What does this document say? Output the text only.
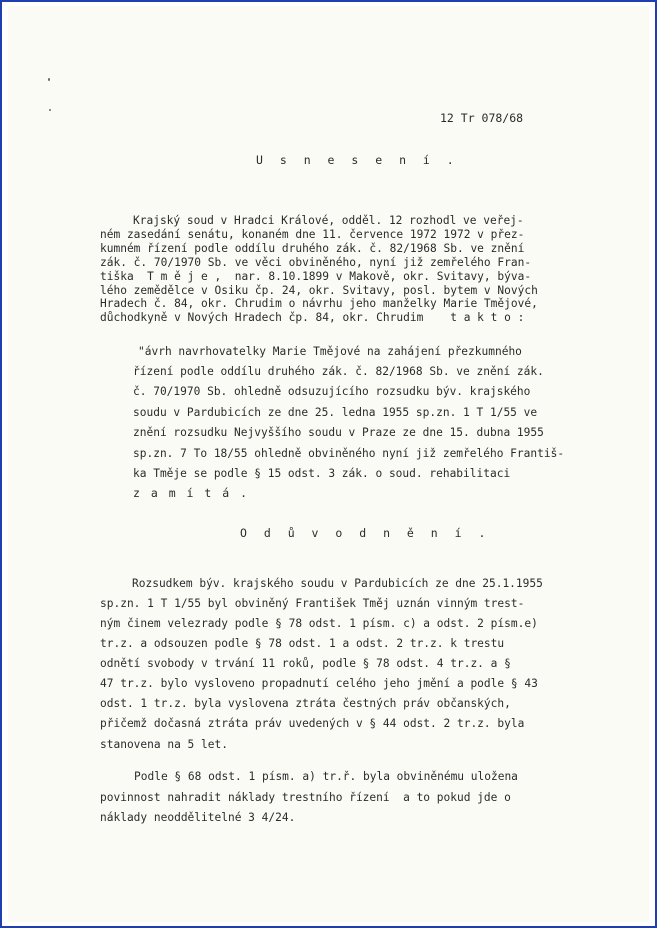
12 Tr 078/68
U s n e s e n í .
Krajský soud v Hradci Králové, odděl. 12 rozhodl ve veřej-
ném zasedání senátu, konaném dne 11. července 1972 1972 v přez-
kumném řízení podle oddílu druhého zák. č. 82/1968 Sb. ve znění
zák. č. 70/1970 Sb. ve věci obviněného, nyní již zemřelého Fran-
tiška  T m ě j e ,  nar. 8.10.1899 v Makově, okr. Svitavy, býva-
lého zemědělce v Osiku čp. 24, okr. Svitavy, posl. bytem v Nových
Hradech č. 84, okr. Chrudim o návrhu jeho manželky Marie Tmějové,
důchodkyně v Nových Hradech čp. 84, okr. Chrudim    t a k t o :
"ávrh navrhovatelky Marie Tmějové na zahájení přezkumného
řízení podle oddílu druhého zák. č. 82/1968 Sb. ve znění zák.
č. 70/1970 Sb. ohledně odsuzujícího rozsudku býv. krajského
soudu v Pardubicích ze dne 25. ledna 1955 sp.zn. 1 T 1/55 ve
znění rozsudku Nejvyššího soudu v Praze ze dne 15. dubna 1955
sp.zn. 7 To 18/55 ohledně obviněného nyní již zemřelého Františ-
ka Tměje se podle § 15 odst. 3 zák. o soud. rehabilitaci
z a m í t á .
O d ů v o d n ě n í .
Rozsudkem býv. krajského soudu v Pardubicích ze dne 25.1.1955
sp.zn. 1 T 1/55 byl obviněný František Tměj uznán vinným trest-
ným činem velezrady podle § 78 odst. 1 písm. c) a odst. 2 písm.e)
tr.z. a odsouzen podle § 78 odst. 1 a odst. 2 tr.z. k trestu
odnětí svobody v trvání 11 roků, podle § 78 odst. 4 tr.z. a §
47 tr.z. bylo vysloveno propadnutí celého jeho jmění a podle § 43
odst. 1 tr.z. byla vyslovena ztráta čestných práv občanských,
přičemž dočasná ztráta práv uvedených v § 44 odst. 2 tr.z. byla
stanovena na 5 let.
Podle § 68 odst. 1 písm. a) tr.ř. byla obviněnému uložena
povinnost nahradit náklady trestního řízení  a to pokud jde o
náklady neoddělitelné 3 4/24.
